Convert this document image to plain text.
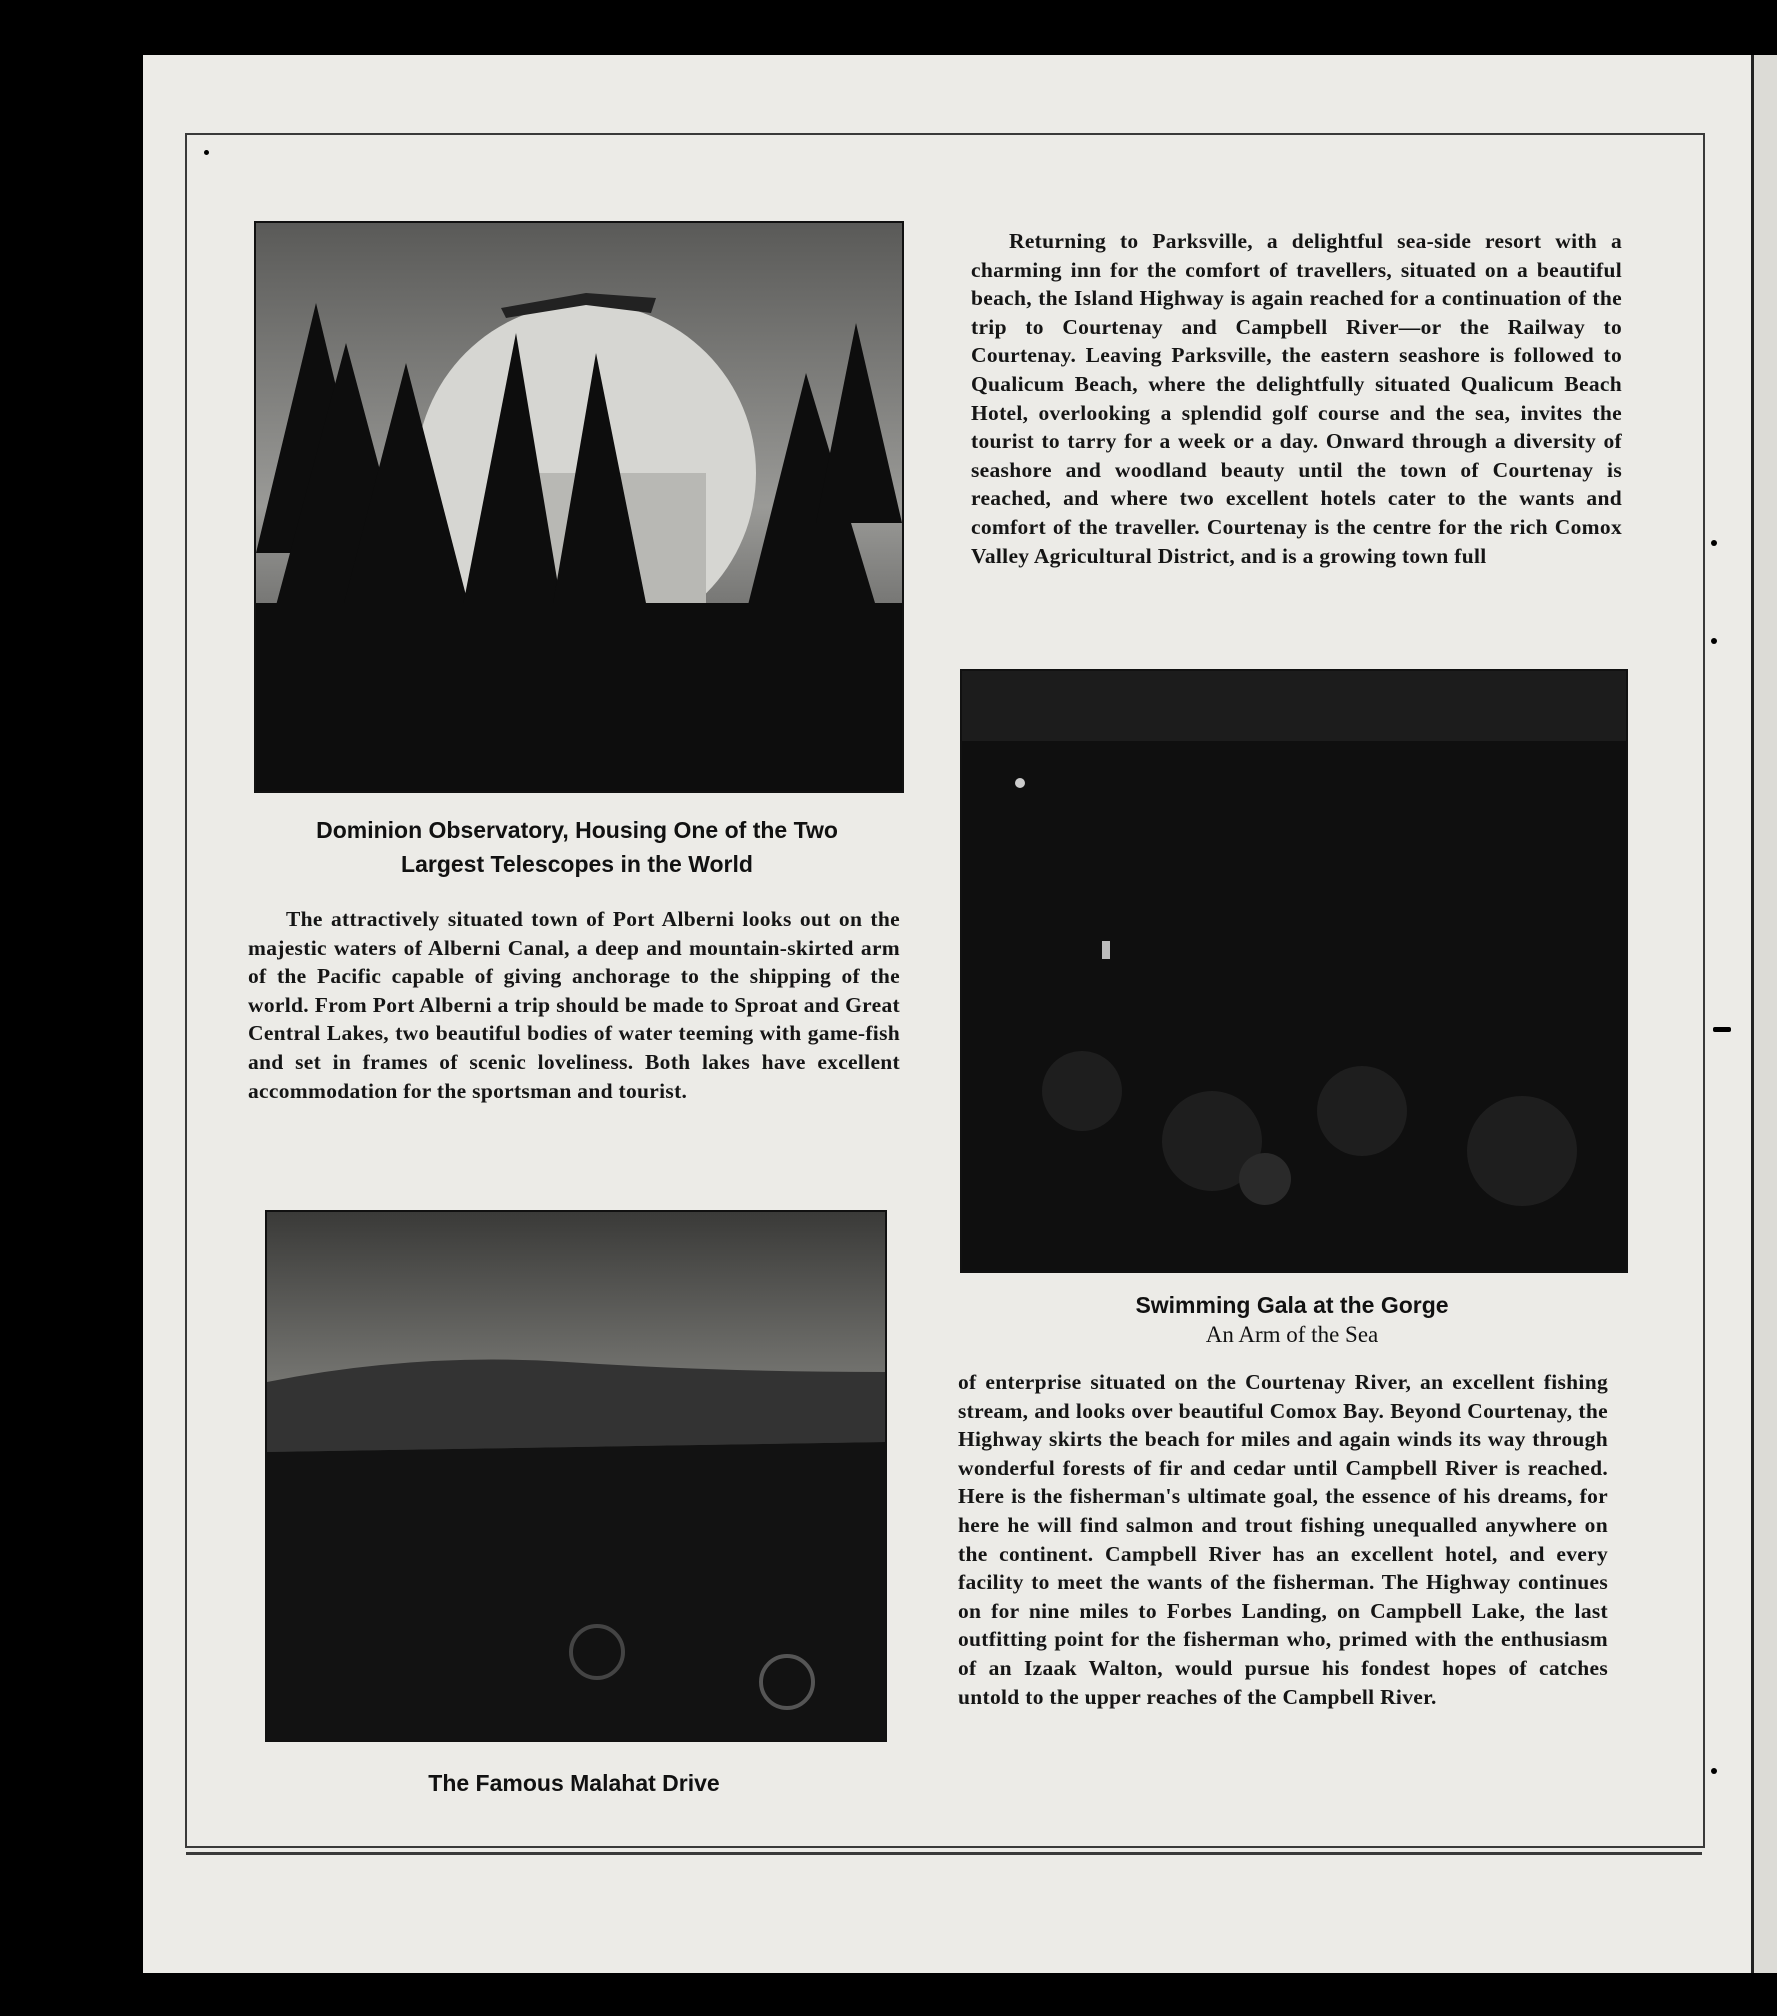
Dominion Observatory, Housing One of the Two
Largest Telescopes in the World

The attractively situated town of Port Alberni looks out on the majestic waters of Alberni Canal, a deep and mountain-skirted arm of the Pacific capable of giving anchorage to the shipping of the world. From Port Alberni a trip should be made to Sproat and Great Central Lakes, two beautiful bodies of water teeming with game-fish and set in frames of scenic loveliness. Both lakes have excellent accommodation for the sportsman and tourist.

The Famous Malahat Drive

Returning to Parksville, a delightful sea-side resort with a charming inn for the comfort of travellers, situated on a beautiful beach, the Island Highway is again reached for a continuation of the trip to Courtenay and Campbell River—or the Railway to Courtenay. Leaving Parksville, the eastern seashore is followed to Qualicum Beach, where the delightfully situated Qualicum Beach Hotel, overlooking a splendid golf course and the sea, invites the tourist to tarry for a week or a day. Onward through a diversity of seashore and woodland beauty until the town of Courtenay is reached, and where two excellent hotels cater to the wants and comfort of the traveller. Courtenay is the centre for the rich Comox Valley Agricultural District, and is a growing town full

Swimming Gala at the Gorge
An Arm of the Sea

of enterprise situated on the Courtenay River, an excellent fishing stream, and looks over beautiful Comox Bay. Beyond Courtenay, the Highway skirts the beach for miles and again winds its way through wonderful forests of fir and cedar until Campbell River is reached. Here is the fisherman's ultimate goal, the essence of his dreams, for here he will find salmon and trout fishing unequalled anywhere on the continent. Campbell River has an excellent hotel, and every facility to meet the wants of the fisherman. The Highway continues on for nine miles to Forbes Landing, on Campbell Lake, the last outfitting point for the fisherman who, primed with the enthusiasm of an Izaak Walton, would pursue his fondest hopes of catches untold to the upper reaches of the Campbell River.
